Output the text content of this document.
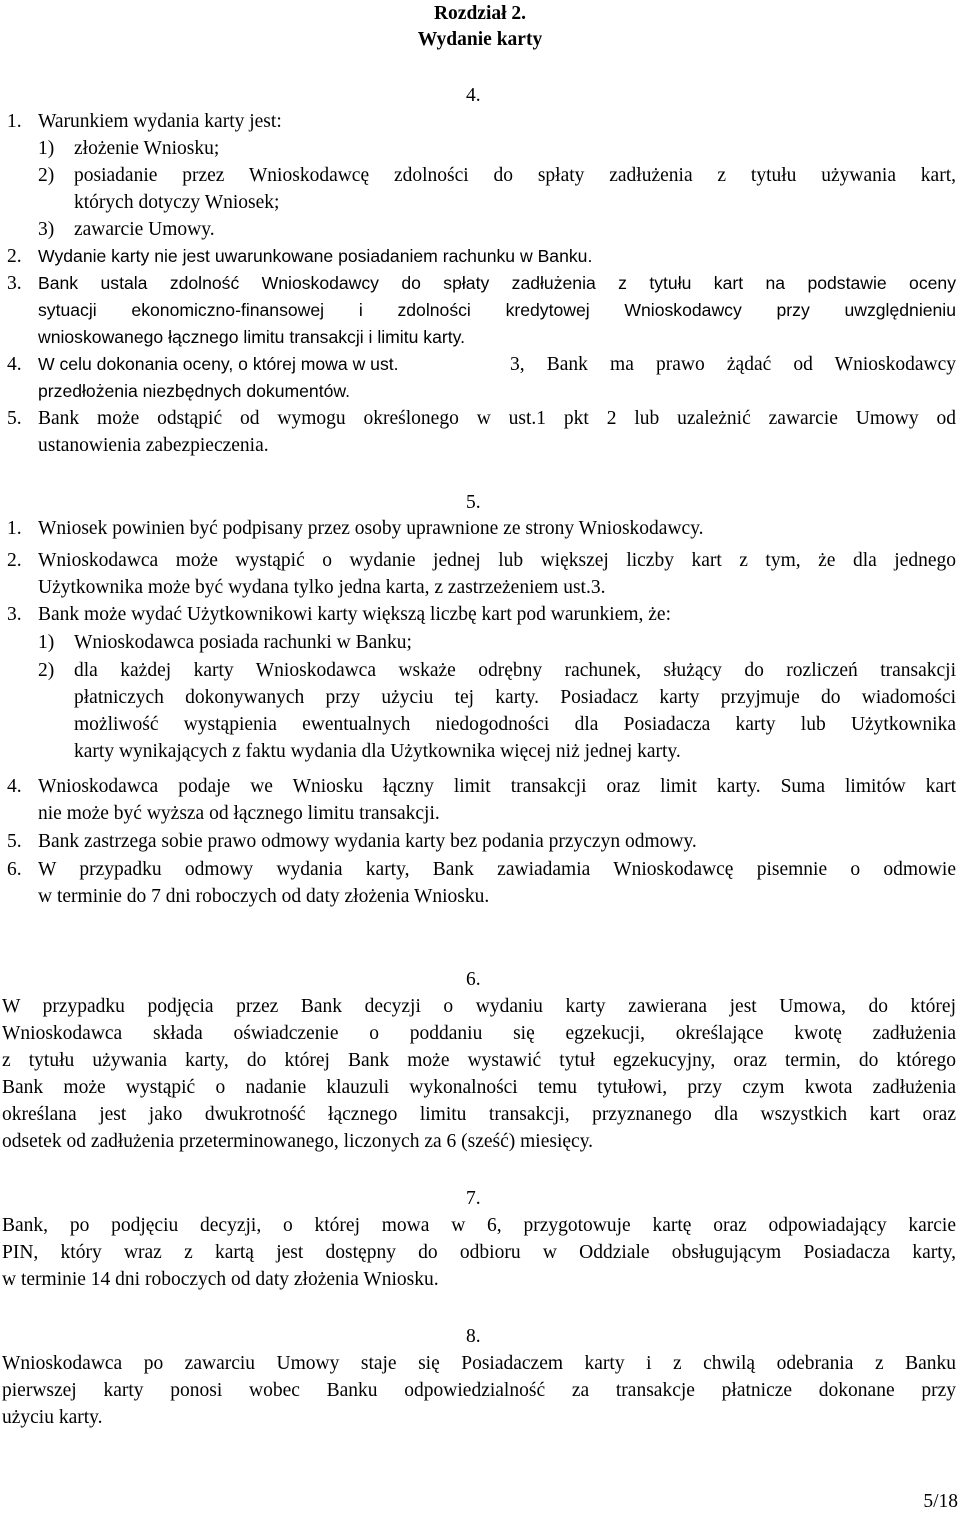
Rozdział 2.
Wydanie karty
4.
1. Warunkiem wydania karty jest:
1) złożenie Wniosku;
2) posiadanie przez Wnioskodawcę zdolności do spłaty zadłużenia z tytułu używania kart,
których dotyczy Wniosek;
3) zawarcie Umowy.
2. Wydanie karty nie jest uwarunkowane posiadaniem rachunku w Banku.
3. Bank ustala zdolność Wnioskodawcy do spłaty zadłużenia z tytułu kart na podstawie oceny
sytuacji ekonomiczno-finansowej i zdolności kredytowej Wnioskodawcy przy uwzględnieniu
wnioskowanego łącznego limitu transakcji i limitu karty.
4. W celu dokonania oceny, o której mowa w ust.	3, Bank ma prawo żądać od Wnioskodawcy
przedłożenia niezbędnych dokumentów.
5. Bank może odstąpić od wymogu określonego w ust.1 pkt 2 lub uzależnić zawarcie Umowy od
ustanowienia zabezpieczenia.
5.
1. Wniosek powinien być podpisany przez osoby uprawnione ze strony Wnioskodawcy.
2. Wnioskodawca może wystąpić o wydanie jednej lub większej liczby kart z tym, że dla jednego
Użytkownika może być wydana tylko jedna karta, z zastrzeżeniem ust.3.
3. Bank może wydać Użytkownikowi karty większą liczbę kart pod warunkiem, że:
1) Wnioskodawca posiada rachunki w Banku;
2) dla każdej karty Wnioskodawca wskaże odrębny rachunek, służący do rozliczeń transakcji
płatniczych dokonywanych przy użyciu tej karty. Posiadacz karty przyjmuje do wiadomości
możliwość wystąpienia ewentualnych niedogodności dla Posiadacza karty lub Użytkownika
karty wynikających z faktu wydania dla Użytkownika więcej niż jednej karty.
4. Wnioskodawca podaje we Wniosku łączny limit transakcji oraz limit karty. Suma limitów kart
nie może być wyższa od łącznego limitu transakcji.
5. Bank zastrzega sobie prawo odmowy wydania karty bez podania przyczyn odmowy.
6. W przypadku odmowy wydania karty, Bank zawiadamia Wnioskodawcę pisemnie o odmowie
w terminie do 7 dni roboczych od daty złożenia Wniosku.
6.
W przypadku podjęcia przez Bank decyzji o wydaniu karty zawierana jest Umowa, do której
Wnioskodawca składa oświadczenie o poddaniu się egzekucji, określające kwotę zadłużenia
z tytułu używania karty, do której Bank może wystawić tytuł egzekucyjny, oraz termin, do którego
Bank może wystąpić o nadanie klauzuli wykonalności temu tytułowi, przy czym kwota zadłużenia
określana jest jako dwukrotność łącznego limitu transakcji, przyznanego dla wszystkich kart oraz
odsetek od zadłużenia przeterminowanego, liczonych za 6 (sześć) miesięcy.
7.
Bank, po podjęciu decyzji, o której mowa w 6, przygotowuje kartę oraz odpowiadający karcie
PIN, który wraz z kartą jest dostępny do odbioru w Oddziale obsługującym Posiadacza karty,
w terminie 14 dni roboczych od daty złożenia Wniosku.
8.
Wnioskodawca po zawarciu Umowy staje się Posiadaczem karty i z chwilą odebrania z Banku
pierwszej karty ponosi wobec Banku odpowiedzialność za transakcje płatnicze dokonane przy
użyciu karty.
5/18
